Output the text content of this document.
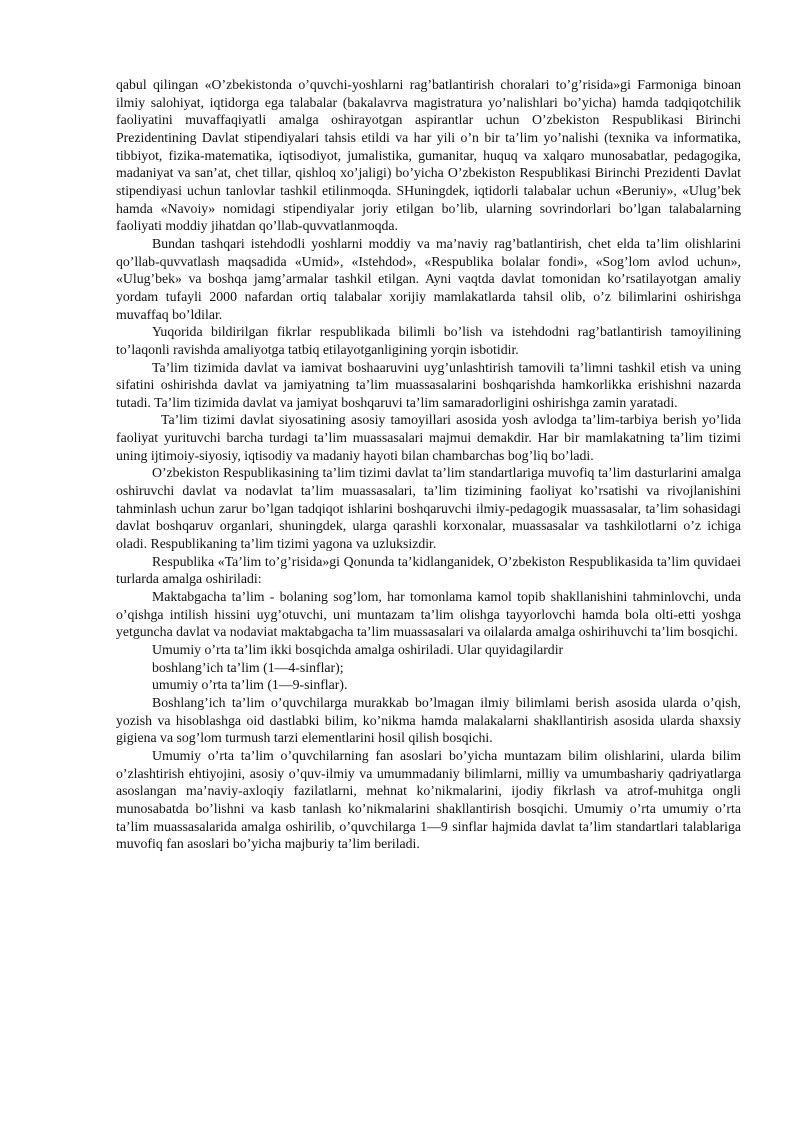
qabul qilingan «O’zbekistonda o’quvchi-yoshlarni rag’batlantirish choralari to’g’risida»gi Farmoniga binoan ilmiy salohiyat, iqtidorga ega talabalar (bakalavrva magistratura yo’nalishlari bo’yicha) hamda tadqiqotchilik faoliyatini muvaffaqiyatli amalga oshirayotgan aspirantlar uchun O’zbekiston Respublikasi Birinchi Prezidentining Davlat stipendiyalari tahsis etildi va har yili o’n bir ta’lim yo’nalishi (texnika va informatika, tibbiyot, fizika-matematika, iqtisodiyot, jumalistika, gumanitar, huquq va xalqaro munosabatlar, pedagogika, madaniyat va san’at, chet tillar, qishloq xo’jaligi) bo’yicha O’zbekiston Respublikasi Birinchi Prezidenti Davlat stipendiyasi uchun tanlovlar tashkil etilinmoqda. SHuningdek, iqtidorli talabalar uchun «Beruniy», «Ulug’bek hamda «Navoiy» nomidagi stipendiyalar joriy etilgan bo’lib, ularning sovrindorlari bo’lgan talabalarning faoliyati moddiy jihatdan qo’llab-quvvatlanmoqda.

Bundan tashqari istehdodli yoshlarni moddiy va ma’naviy rag’batlantirish, chet elda ta’lim olishlarini qo’llab-quvvatlash maqsadida «Umid», «Istehdod», «Respublika bolalar fondi», «Sog’lom avlod uchun», «Ulug’bek» va boshqa jamg’armalar tashkil etilgan. Ayni vaqtda davlat tomonidan ko’rsatilayotgan amaliy yordam tufayli 2000 nafardan ortiq talabalar xorijiy mamlakatlarda tahsil olib, o’z bilimlarini oshirishga muvaffaq bo’ldilar.

Yuqorida bildirilgan fikrlar respublikada bilimli bo’lish va istehdodni rag’batlantirish tamoyilining to’laqonli ravishda amaliyotga tatbiq etilayotganligining yorqin isbotidir.

Ta’lim tizimida davlat va iamivat boshaaruvini uyg’unlashtirish tamovili ta’limni tashkil etish va uning sifatini oshirishda davlat va jamiyatning ta’lim muassasalarini boshqarishda hamkorlikka erishishni nazarda tutadi. Ta’lim tizimida davlat va jamiyat boshqaruvi ta’lim samaradorligini oshirishga zamin yaratadi.

Ta’lim tizimi davlat siyosatining asosiy tamoyillari asosida yosh avlodga ta’lim-tarbiya berish yo’lida faoliyat yurituvchi barcha turdagi ta’lim muassasalari majmui demakdir. Har bir mamlakatning ta’lim tizimi uning ijtimoiy-siyosiy, iqtisodiy va madaniy hayoti bilan chambarchas bog’liq bo’ladi.

O’zbekiston Respublikasining ta’lim tizimi davlat ta’lim standartlariga muvofiq ta’lim dasturlarini amalga oshiruvchi davlat va nodavlat ta’lim muassasalari, ta’lim tizimining faoliyat ko’rsatishi va rivojlanishini tahminlash uchun zarur bo’lgan tadqiqot ishlarini boshqaruvchi ilmiy-pedagogik muassasalar, ta’lim sohasidagi davlat boshqaruv organlari, shuningdek, ularga qarashli korxonalar, muassasalar va tashkilotlarni o’z ichiga oladi. Respublikaning ta’lim tizimi yagona va uzluksizdir.

Respublika «Ta’lim to’g’risida»gi Qonunda ta’kidlanganidek, O’zbekiston Respublikasida ta’lim quvidaei turlarda amalga oshiriladi:

Maktabgacha ta’lim - bolaning sog’lom, har tomonlama kamol topib shakllanishini tahminlovchi, unda o’qishga intilish hissini uyg’otuvchi, uni muntazam ta’lim olishga tayyorlovchi hamda bola olti-etti yoshga yetguncha davlat va nodaviat maktabgacha ta’lim muassasalari va oilalarda amalga oshirihuvchi ta’lim bosqichi.

Umumiy o’rta ta’lim ikki bosqichda amalga oshiriladi. Ular quyidagilardir

boshlang’ich ta’lim (1—4-sinflar);

umumiy o’rta ta’lim (1—9-sinflar).

Boshlang’ich ta’lim o’quvchilarga murakkab bo’lmagan ilmiy bilimlami berish asosida ularda o’qish, yozish va hisoblashga oid dastlabki bilim, ko’nikma hamda malakalarni shakllantirish asosida ularda shaxsiy gigiena va sog’lom turmush tarzi elementlarini hosil qilish bosqichi.

Umumiy o’rta ta’lim o’quvchilarning fan asoslari bo’yicha muntazam bilim olishlarini, ularda bilim o’zlashtirish ehtiyojini, asosiy o’quv-ilmiy va umummadaniy bilimlarni, milliy va umumbashariy qadriyatlarga asoslangan ma’naviy-axloqiy fazilatlarni, mehnat ko’nikmalarini, ijodiy fikrlash va atrof-muhitga ongli munosabatda bo’lishni va kasb tanlash ko’nikmalarini shakllantirish bosqichi. Umumiy o’rta umumiy o’rta ta’lim muassasalarida amalga oshirilib, o’quvchilarga 1—9 sinflar hajmida davlat ta’lim standartlari talablariga muvofiq fan asoslari bo’yicha majburiy ta’lim beriladi.
